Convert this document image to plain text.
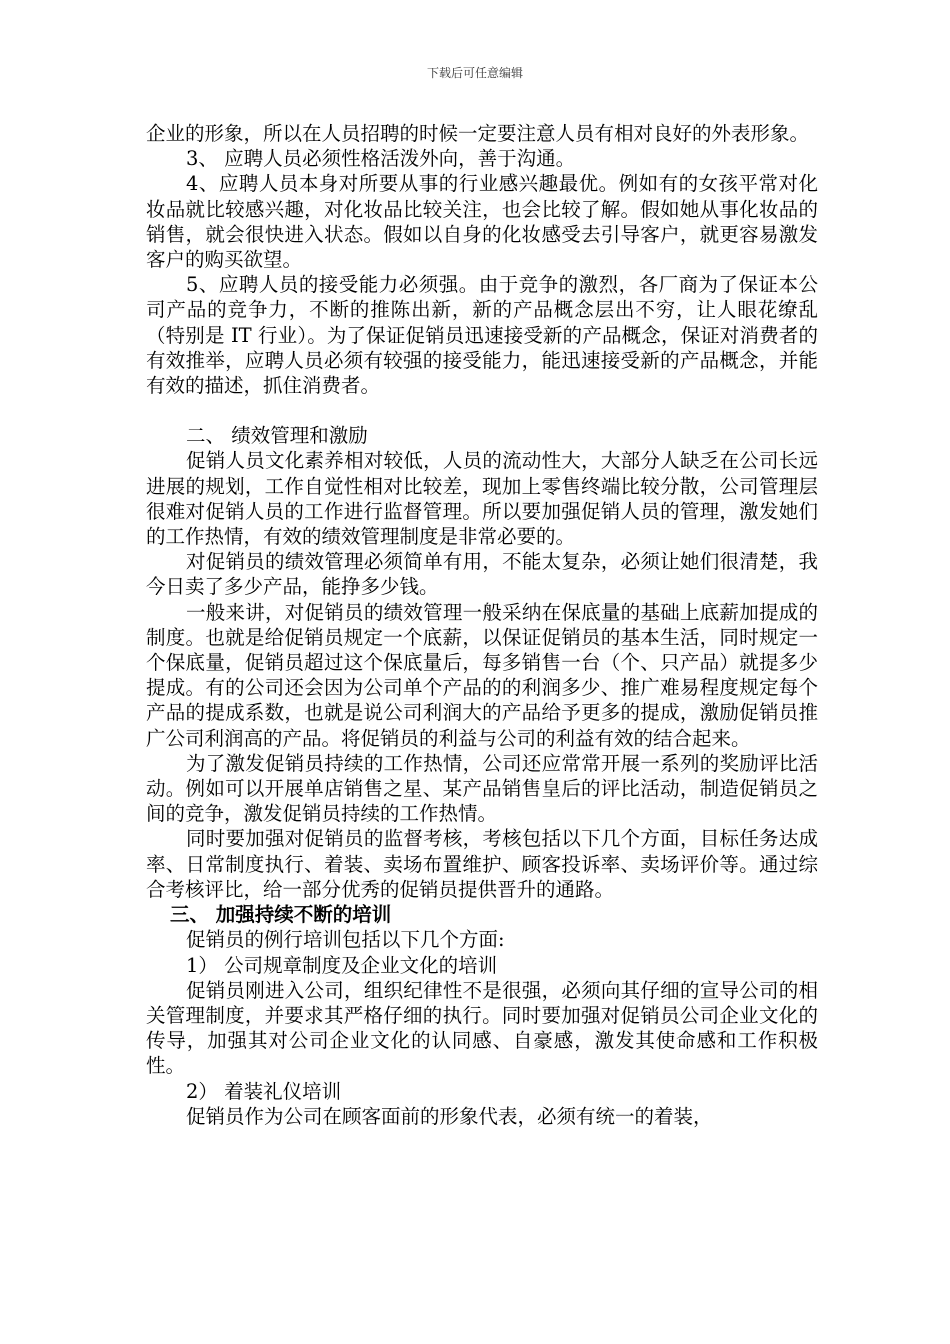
下载后可任意编辑

企业的形象，所以在人员招聘的时候一定要注意人员有相对良好的外表形象。

3、 应聘人员必须性格活泼外向，善于沟通。

4、应聘人员本身对所要从事的行业感兴趣最优。例如有的女孩平常对化妆品就比较感兴趣，对化妆品比较关注，也会比较了解。假如她从事化妆品的销售，就会很快进入状态。假如以自身的化妆感受去引导客户，就更容易激发客户的购买欲望。

5、应聘人员的接受能力必须强。由于竞争的激烈，各厂商为了保证本公司产品的竞争力，不断的推陈出新，新的产品概念层出不穷，让人眼花缭乱（特别是 IT 行业）。为了保证促销员迅速接受新的产品概念，保证对消费者的有效推举，应聘人员必须有较强的接受能力，能迅速接受新的产品概念，并能有效的描述，抓住消费者。

二、 绩效管理和激励

促销人员文化素养相对较低，人员的流动性大，大部分人缺乏在公司长远进展的规划，工作自觉性相对比较差，现加上零售终端比较分散，公司管理层很难对促销人员的工作进行监督管理。所以要加强促销人员的管理，激发她们的工作热情，有效的绩效管理制度是非常必要的。

对促销员的绩效管理必须简单有用，不能太复杂，必须让她们很清楚，我今日卖了多少产品，能挣多少钱。

一般来讲，对促销员的绩效管理一般采纳在保底量的基础上底薪加提成的制度。也就是给促销员规定一个底薪，以保证促销员的基本生活，同时规定一个保底量，促销员超过这个保底量后，每多销售一台（个、只产品）就提多少提成。有的公司还会因为公司单个产品的的利润多少、推广难易程度规定每个产品的提成系数，也就是说公司利润大的产品给予更多的提成，激励促销员推广公司利润高的产品。将促销员的利益与公司的利益有效的结合起来。

为了激发促销员持续的工作热情，公司还应常常开展一系列的奖励评比活动。例如可以开展单店销售之星、某产品销售皇后的评比活动，制造促销员之间的竞争，激发促销员持续的工作热情。

同时要加强对促销员的监督考核，考核包括以下几个方面，目标任务达成率、日常制度执行、着装、卖场布置维护、顾客投诉率、卖场评价等。通过综合考核评比，给一部分优秀的促销员提供晋升的通路。

三、 加强持续不断的培训

促销员的例行培训包括以下几个方面:

1） 公司规章制度及企业文化的培训

促销员刚进入公司，组织纪律性不是很强，必须向其仔细的宣导公司的相关管理制度，并要求其严格仔细的执行。同时要加强对促销员公司企业文化的传导，加强其对公司企业文化的认同感、自豪感，激发其使命感和工作积极性。

2） 着装礼仪培训

促销员作为公司在顾客面前的形象代表，必须有统一的着装，
